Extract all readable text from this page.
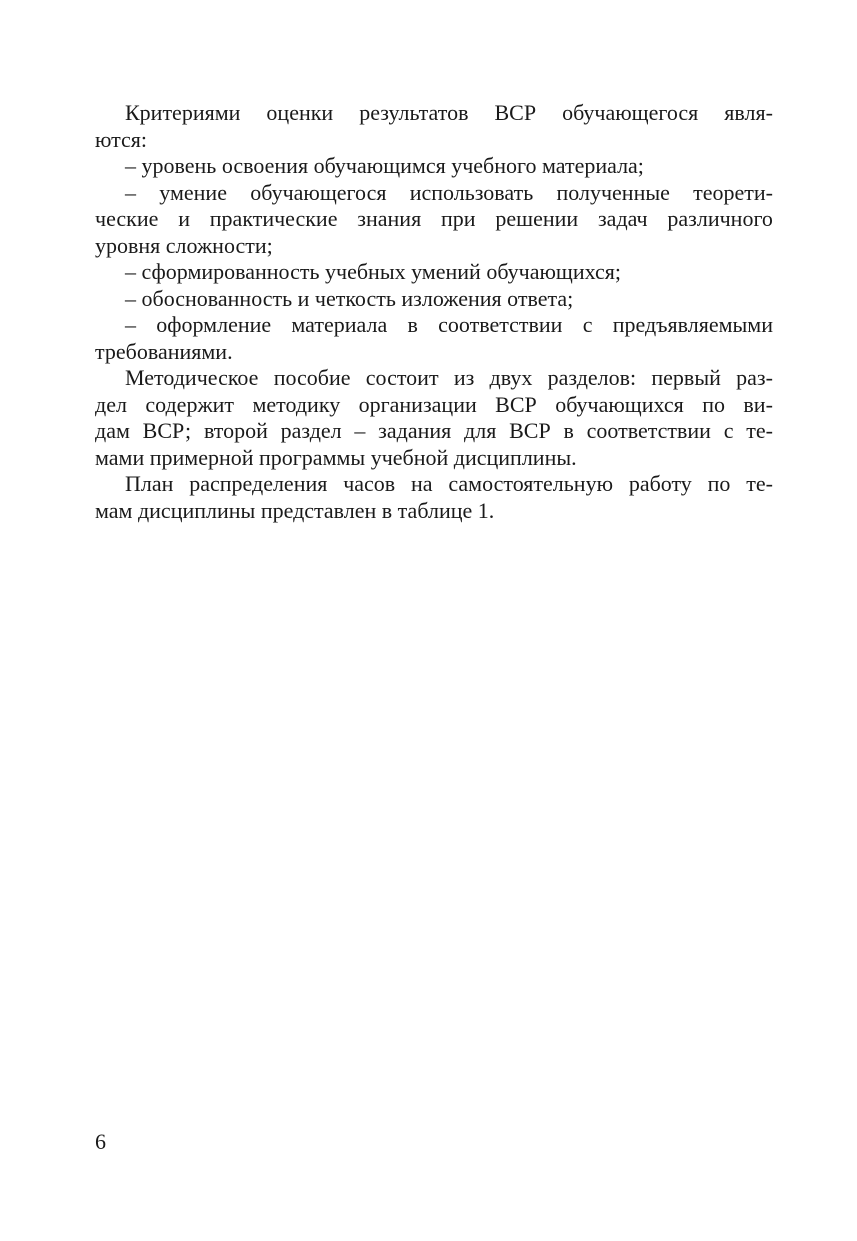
Критериями оценки результатов ВСР обучающегося явля-
ются:
– уровень освоения обучающимся учебного материала;
– умение обучающегося использовать полученные теорети-
ческие и практические знания при решении задач различного
уровня сложности;
– сформированность учебных умений обучающихся;
– обоснованность и четкость изложения ответа;
– оформление материала в соответствии с предъявляемыми
требованиями.
Методическое пособие состоит из двух разделов: первый раз-
дел содержит методику организации ВСР обучающихся по ви-
дам ВСР; второй раздел – задания для ВСР в соответствии с те-
мами примерной программы учебной дисциплины.
План распределения часов на самостоятельную работу по те-
мам дисциплины представлен в таблице 1.
6
